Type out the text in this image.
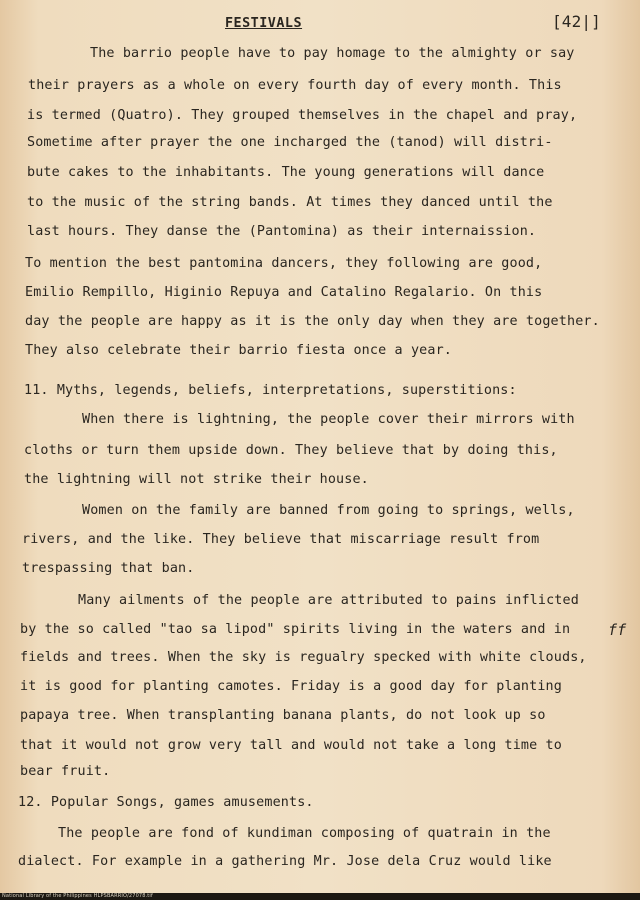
FESTIVALS	[42|]
The barrio people have to pay homage to the almighty or say
their prayers as a whole on every fourth day of every month. This
is termed (Quatro). They grouped themselves in the chapel and pray,
Sometime after prayer the one incharged the (tanod) will distri-
bute cakes to the inhabitants. The young generations will dance
to the music of the string bands. At times they danced until the
last hours. They danse the (Pantomina) as their internaission.
To mention the best pantomina dancers, they following are good,
Emilio Rempillo, Higinio Repuya and Catalino Regalario. On this
day the people are happy as it is the only day when they are together.
They also celebrate their barrio fiesta once a year.
11. Myths, legends, beliefs, interpretations, superstitions:
When there is lightning, the people cover their mirrors with
cloths or turn them upside down. They believe that by doing this,
the lightning will not strike their house.
Women on the family are banned from going to springs, wells,
rivers, and the like. They believe that miscarriage result from
trespassing that ban.
Many ailments of the people are attributed to pains inflicted
by the so called "tao sa lipod" spirits living in the waters and in	ff
fields and trees. When the sky is regualry specked with white clouds,
it is good for planting camotes. Friday is a good day for planting
papaya tree. When transplanting banana plants, do not look up so
that it would not grow very tall and would not take a long time to
bear fruit.
12. Popular Songs, games amusements.
The people are fond of kundiman composing of quatrain in the
dialect. For example in a gathering Mr. Jose dela Cruz would like
National Library of the Philippines HLPSBARRIO/27078.tif
